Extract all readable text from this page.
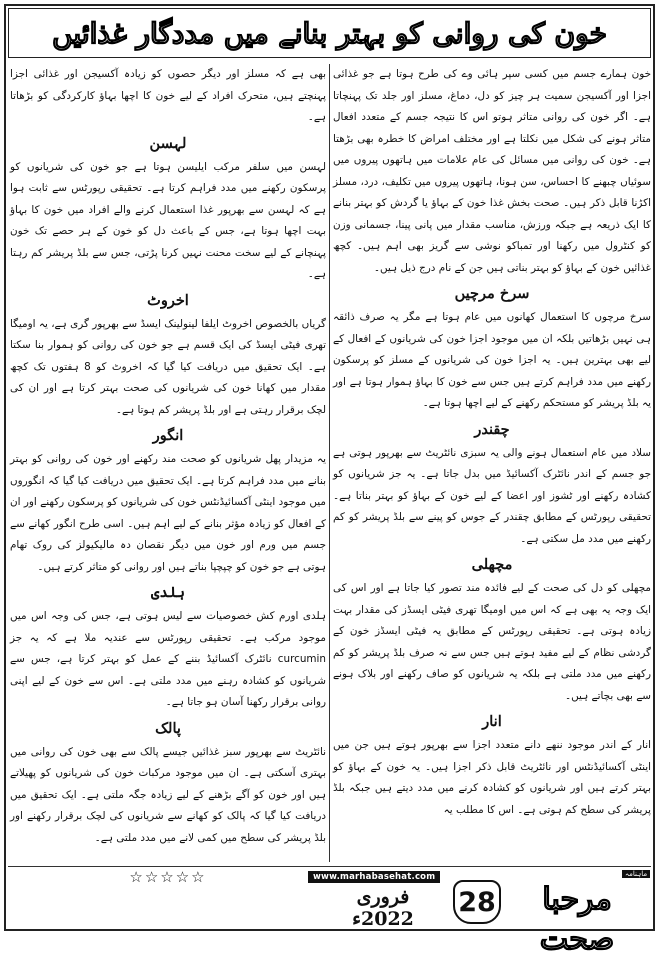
خون کی روانی کو بہتر بنانے میں مددگار غذائیں

خون ہمارے جسم میں کسی سپر ہائی وے کی طرح ہوتا ہے جو غذائی اجزا اور آکسیجن سمیت ہر چیز کو دل، دماغ، مسلز اور جلد تک پہنچاتا ہے۔ اگر خون کی روانی متاثر ہوتو اس کا نتیجہ جسم کے متعدد افعال متاثر ہونے کی شکل میں نکلتا ہے اور مختلف امراض کا خطرہ بھی بڑھتا ہے۔ خون کی روانی میں مسائل کی عام علامات میں ہاتھوں پیروں میں سوئیاں چبھنے کا احساس، سن ہونا، ہاتھوں پیروں میں تکلیف، درد، مسلز اکڑنا قابل ذکر ہیں۔ صحت بخش غذا خون کے بہاؤ یا گردش کو بہتر بنانے کا ایک ذریعہ ہے جبکہ ورزش، مناسب مقدار میں پانی پینا، جسمانی وزن کو کنٹرول میں رکھنا اور تمباکو نوشی سے گریز بھی اہم ہیں۔ کچھ غذائیں خون کے بہاؤ کو بہتر بناتی ہیں جن کے نام درج ذیل ہیں۔

سرخ مرچیں

سرخ مرچوں کا استعمال کھانوں میں عام ہوتا ہے مگر یہ صرف ذائقہ ہی نہیں بڑھاتیں بلکہ ان میں موجود اجزا خون کی شریانوں کے افعال کے لیے بھی بہترین ہیں۔ یہ اجزا خون کی شریانوں کے مسلز کو پرسکون رکھنے میں مدد فراہم کرتے ہیں جس سے خون کا بہاؤ ہموار ہوتا ہے اور یہ بلڈ پریشر کو مستحکم رکھنے کے لیے اچھا ہوتا ہے۔

چقندر

سلاد میں عام استعمال ہونے والی یہ سبزی نائٹریٹ سے بھرپور ہوتی ہے جو جسم کے اندر نائٹرک آکسائیڈ میں بدل جاتا ہے۔ یہ جز شریانوں کو کشادہ رکھنے اور ٹشوز اور اعضا کے لیے خون کے بہاؤ کو بہتر بناتا ہے۔ تحقیقی رپورٹس کے مطابق چقندر کے جوس کو پینے سے بلڈ پریشر کو کم رکھنے میں مدد مل سکتی ہے۔

مچھلی

مچھلی کو دل کی صحت کے لیے فائدہ مند تصور کیا جاتا ہے اور اس کی ایک وجہ یہ بھی ہے کہ اس میں اومیگا تھری فیٹی ایسڈز کی مقدار بہت زیادہ ہوتی ہے۔ تحقیقی رپورٹس کے مطابق یہ فیٹی ایسڈز خون کے گردشی نظام کے لیے مفید ہوتے ہیں جس سے نہ صرف بلڈ پریشر کو کم رکھنے میں مدد ملتی ہے بلکہ یہ شریانوں کو صاف رکھنے اور بلاک ہونے سے بھی بچاتے ہیں۔

انار

انار کے اندر موجود ننھے دانے متعدد اجزا سے بھرپور ہوتے ہیں جن میں اینٹی آکسائیڈنٹس اور نائٹریٹ قابل ذکر اجزا ہیں۔ یہ خون کے بہاؤ کو بہتر کرتے ہیں اور شریانوں کو کشادہ کرنے میں مدد دیتے ہیں جبکہ بلڈ پریشر کی سطح کم ہوتی ہے۔ اس کا مطلب یہ

بھی ہے کہ مسلز اور دیگر حصوں کو زیادہ آکسیجن اور غذائی اجزا پہنچتے ہیں، متحرک افراد کے لیے خون کا اچھا بہاؤ کارکردگی کو بڑھاتا ہے۔

لہسن

لہسن میں سلفر مرکب ایلیسن ہوتا ہے جو خون کی شریانوں کو پرسکون رکھنے میں مدد فراہم کرتا ہے۔ تحقیقی رپورٹس سے ثابت ہوا ہے کہ لہسن سے بھرپور غذا استعمال کرنے والے افراد میں خون کا بہاؤ بہت اچھا ہوتا ہے، جس کے باعث دل کو خون کے ہر حصے تک خون پہنچانے کے لیے سخت محنت نہیں کرنا پڑتی، جس سے بلڈ پریشر کم رہتا ہے۔

اخروٹ

گریاں بالخصوص اخروٹ ایلفا لینولینک ایسڈ سے بھرپور گری ہے، یہ اومیگا تھری فیٹی ایسڈ کی ایک قسم ہے جو خون کی روانی کو ہموار بنا سکتا ہے۔ ایک تحقیق میں دریافت کیا گیا کہ اخروٹ کو 8 ہفتوں تک کچھ مقدار میں کھانا خون کی شریانوں کی صحت بہتر کرتا ہے اور ان کی لچک برقرار رہتی ہے اور بلڈ پریشر کم ہوتا ہے۔

انگور

یہ مزیدار پھل شریانوں کو صحت مند رکھنے اور خون کی روانی کو بہتر بنانے میں مدد فراہم کرتا ہے۔ ایک تحقیق میں دریافت کیا گیا کہ انگوروں میں موجود اینٹی آکسائیڈنٹس خون کی شریانوں کو پرسکون رکھنے اور ان کے افعال کو زیادہ مؤثر بنانے کے لیے اہم ہیں۔ اسی طرح انگور کھانے سے جسم میں ورم اور خون میں دیگر نقصان دہ مالیکیولز کی روک تھام ہوتی ہے جو خون کو چپچپا بناتے ہیں اور روانی کو متاثر کرتے ہیں۔

ہلدی

ہلدی اورم کش خصوصیات سے لیس ہوتی ہے، جس کی وجہ اس میں موجود مرکب ہے۔ تحقیقی رپورٹس سے عندیہ ملا ہے کہ یہ جز curcumin نائٹرک آکسائیڈ بننے کے عمل کو بہتر کرتا ہے، جس سے شریانوں کو کشادہ رہنے میں مدد ملتی ہے۔ اس سے خون کے لیے اپنی روانی برقرار رکھنا آسان ہو جاتا ہے۔

پالک

نائٹریٹ سے بھرپور سبز غذائیں جیسے پالک سے بھی خون کی روانی میں بہتری آسکتی ہے۔ ان میں موجود مرکبات خون کی شریانوں کو پھیلاتے ہیں اور خون کو آگے بڑھنے کے لیے زیادہ جگہ ملتی ہے۔ ایک تحقیق میں دریافت کیا گیا کہ پالک کو کھانے سے شریانوں کی لچک برقرار رکھنے اور بلڈ پریشر کی سطح میں کمی لانے میں مدد ملتی ہے۔

☆☆☆☆☆	www.marhabasehat.com
فروری 2022ء
28	مرحبا صحت
ماہنامہ
